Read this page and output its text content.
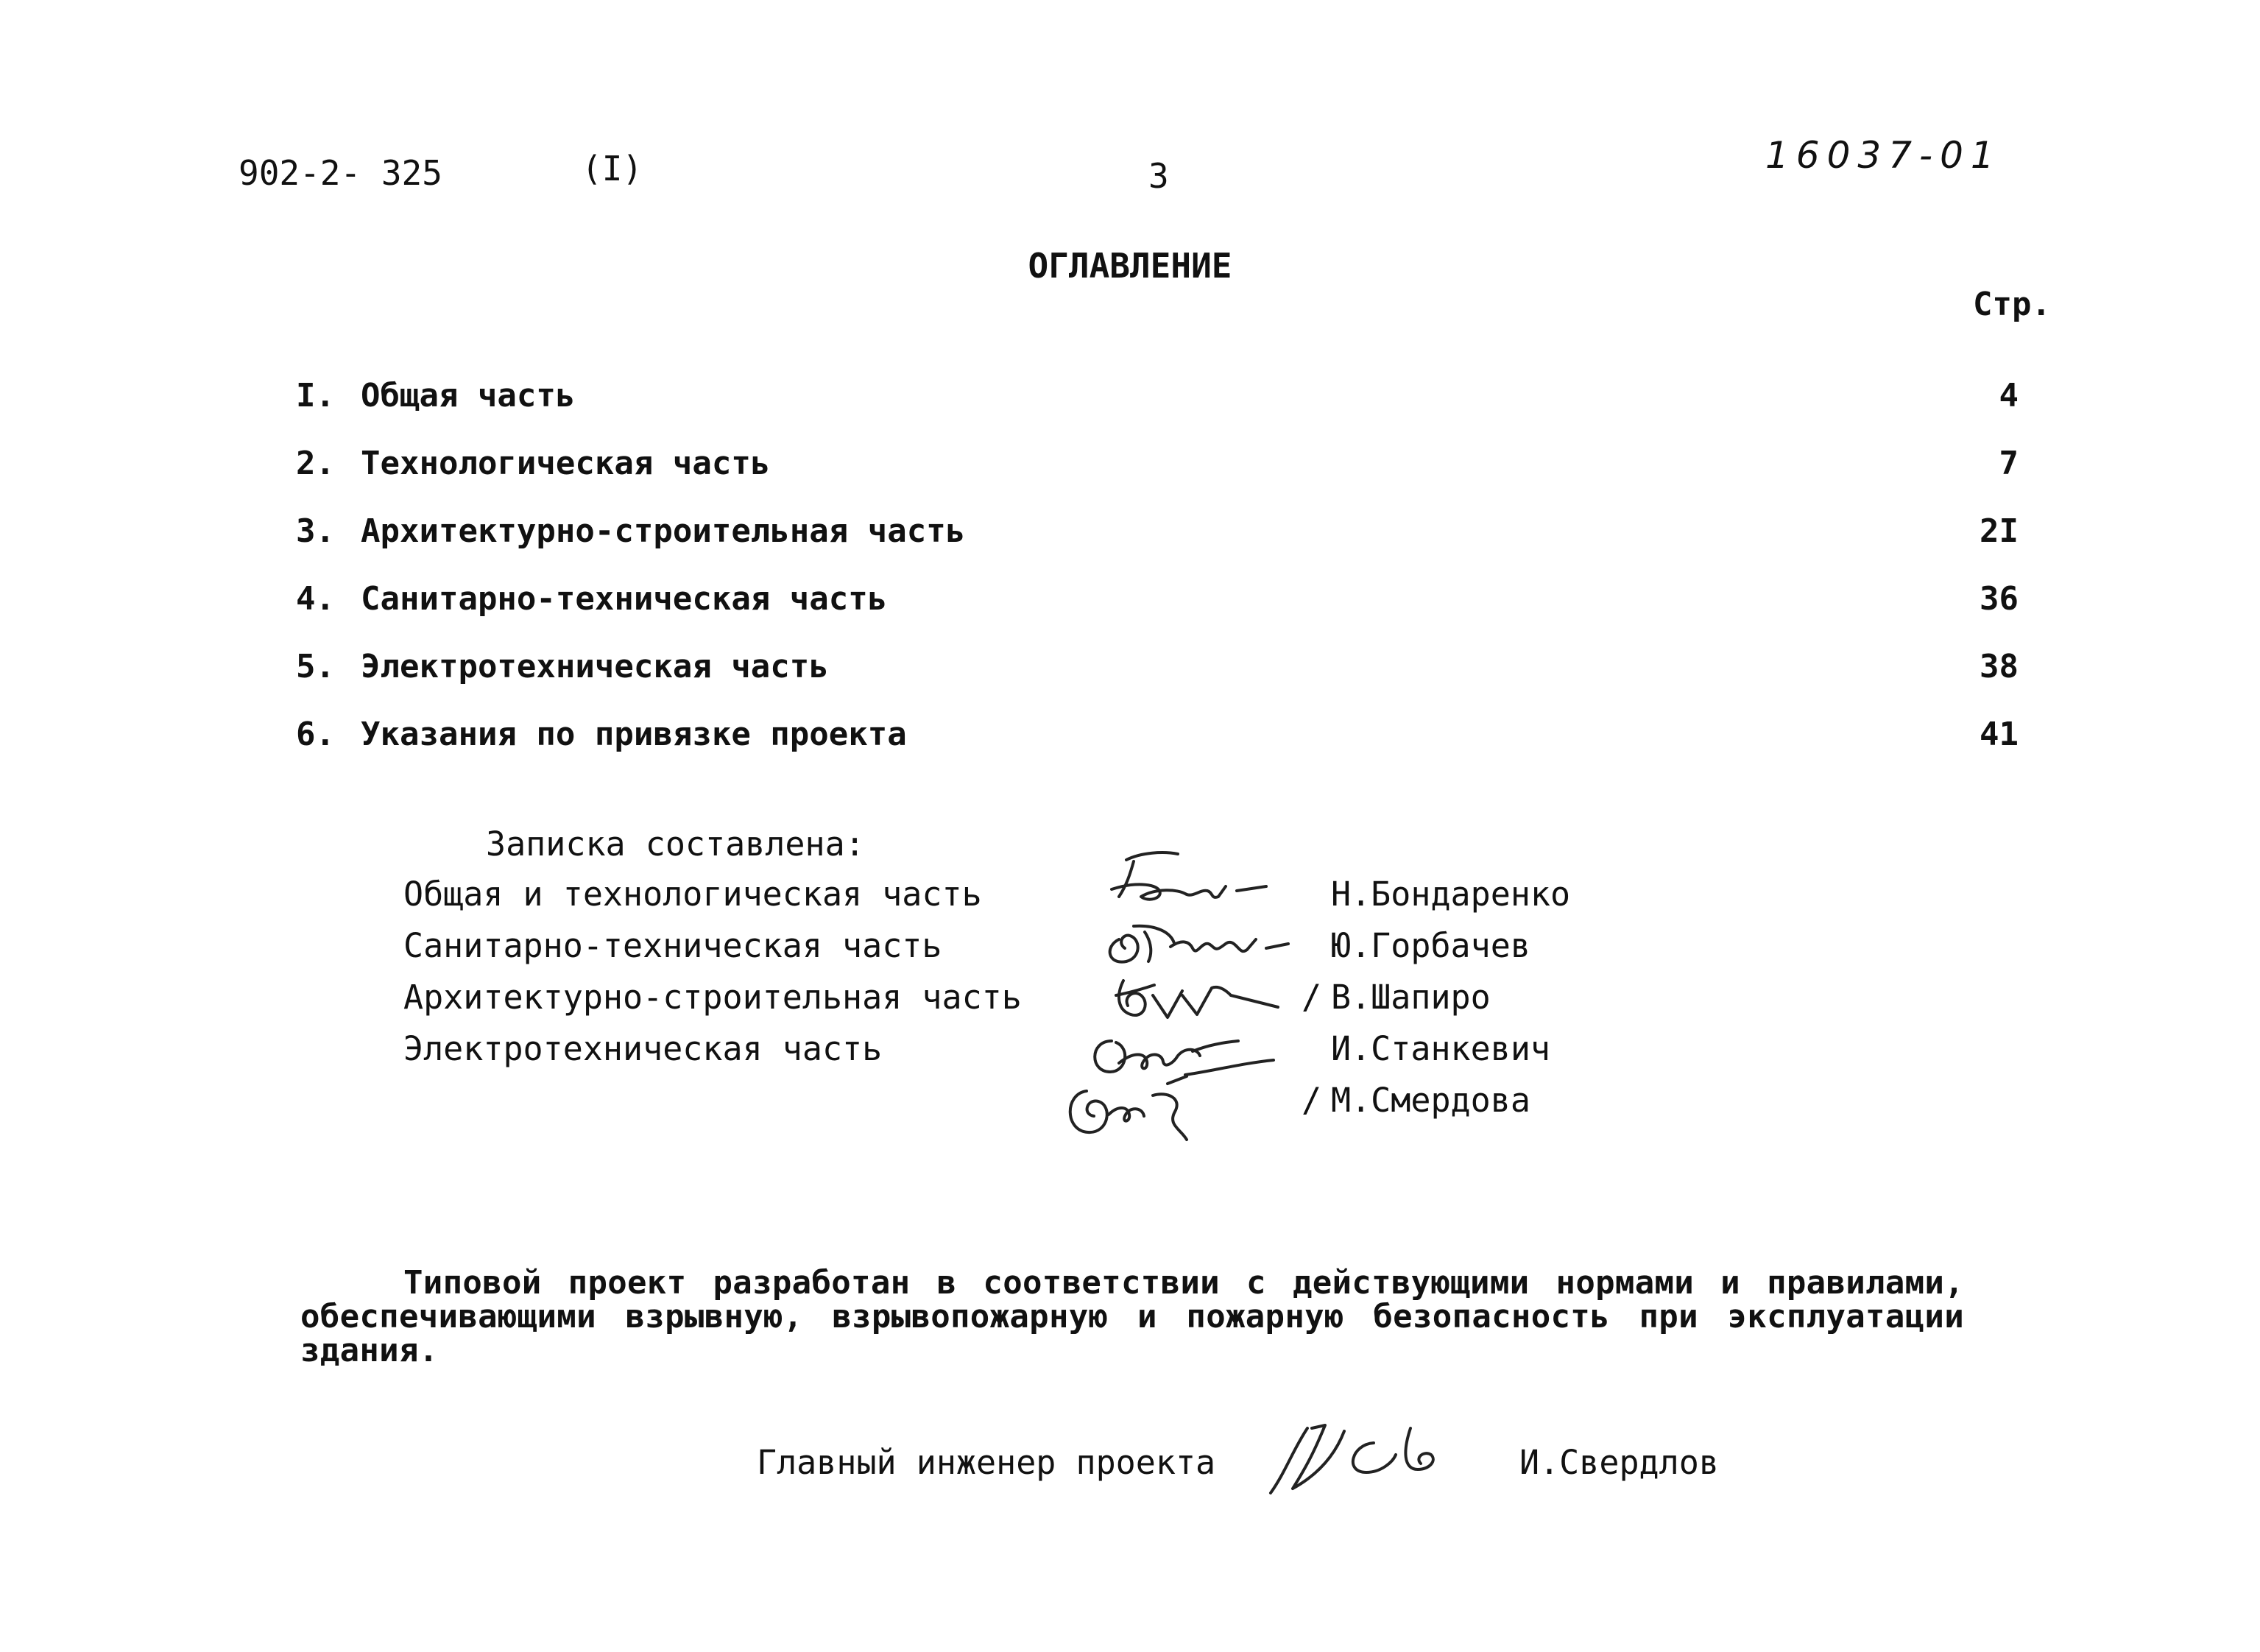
902-2- 325	(I)	3	16037-01
ОГЛАВЛЕНИЕ
Стр.
I. Общая часть	4
2. Технологическая часть	7
3. Архитектурно-строительная часть	2I
4. Санитарно-техническая часть	36
5. Электротехническая часть	38
6. Указания по привязке проекта	41
Записка составлена:
Общая и технологическая часть	Н.Бондаренко
Санитарно-техническая часть	Ю.Горбачев
Архитектурно-строительная часть	/ В.Шапиро
Электротехническая часть	И.Станкевич
/ М.Смердова
Типовой проект разработан в соответствии с действующими нормами и правилами, обеспечивающими взрывную, взрывопожарную и пожарную безопасность при эксплуатации здания.
Главный инженер проекта	И.Свердлов
